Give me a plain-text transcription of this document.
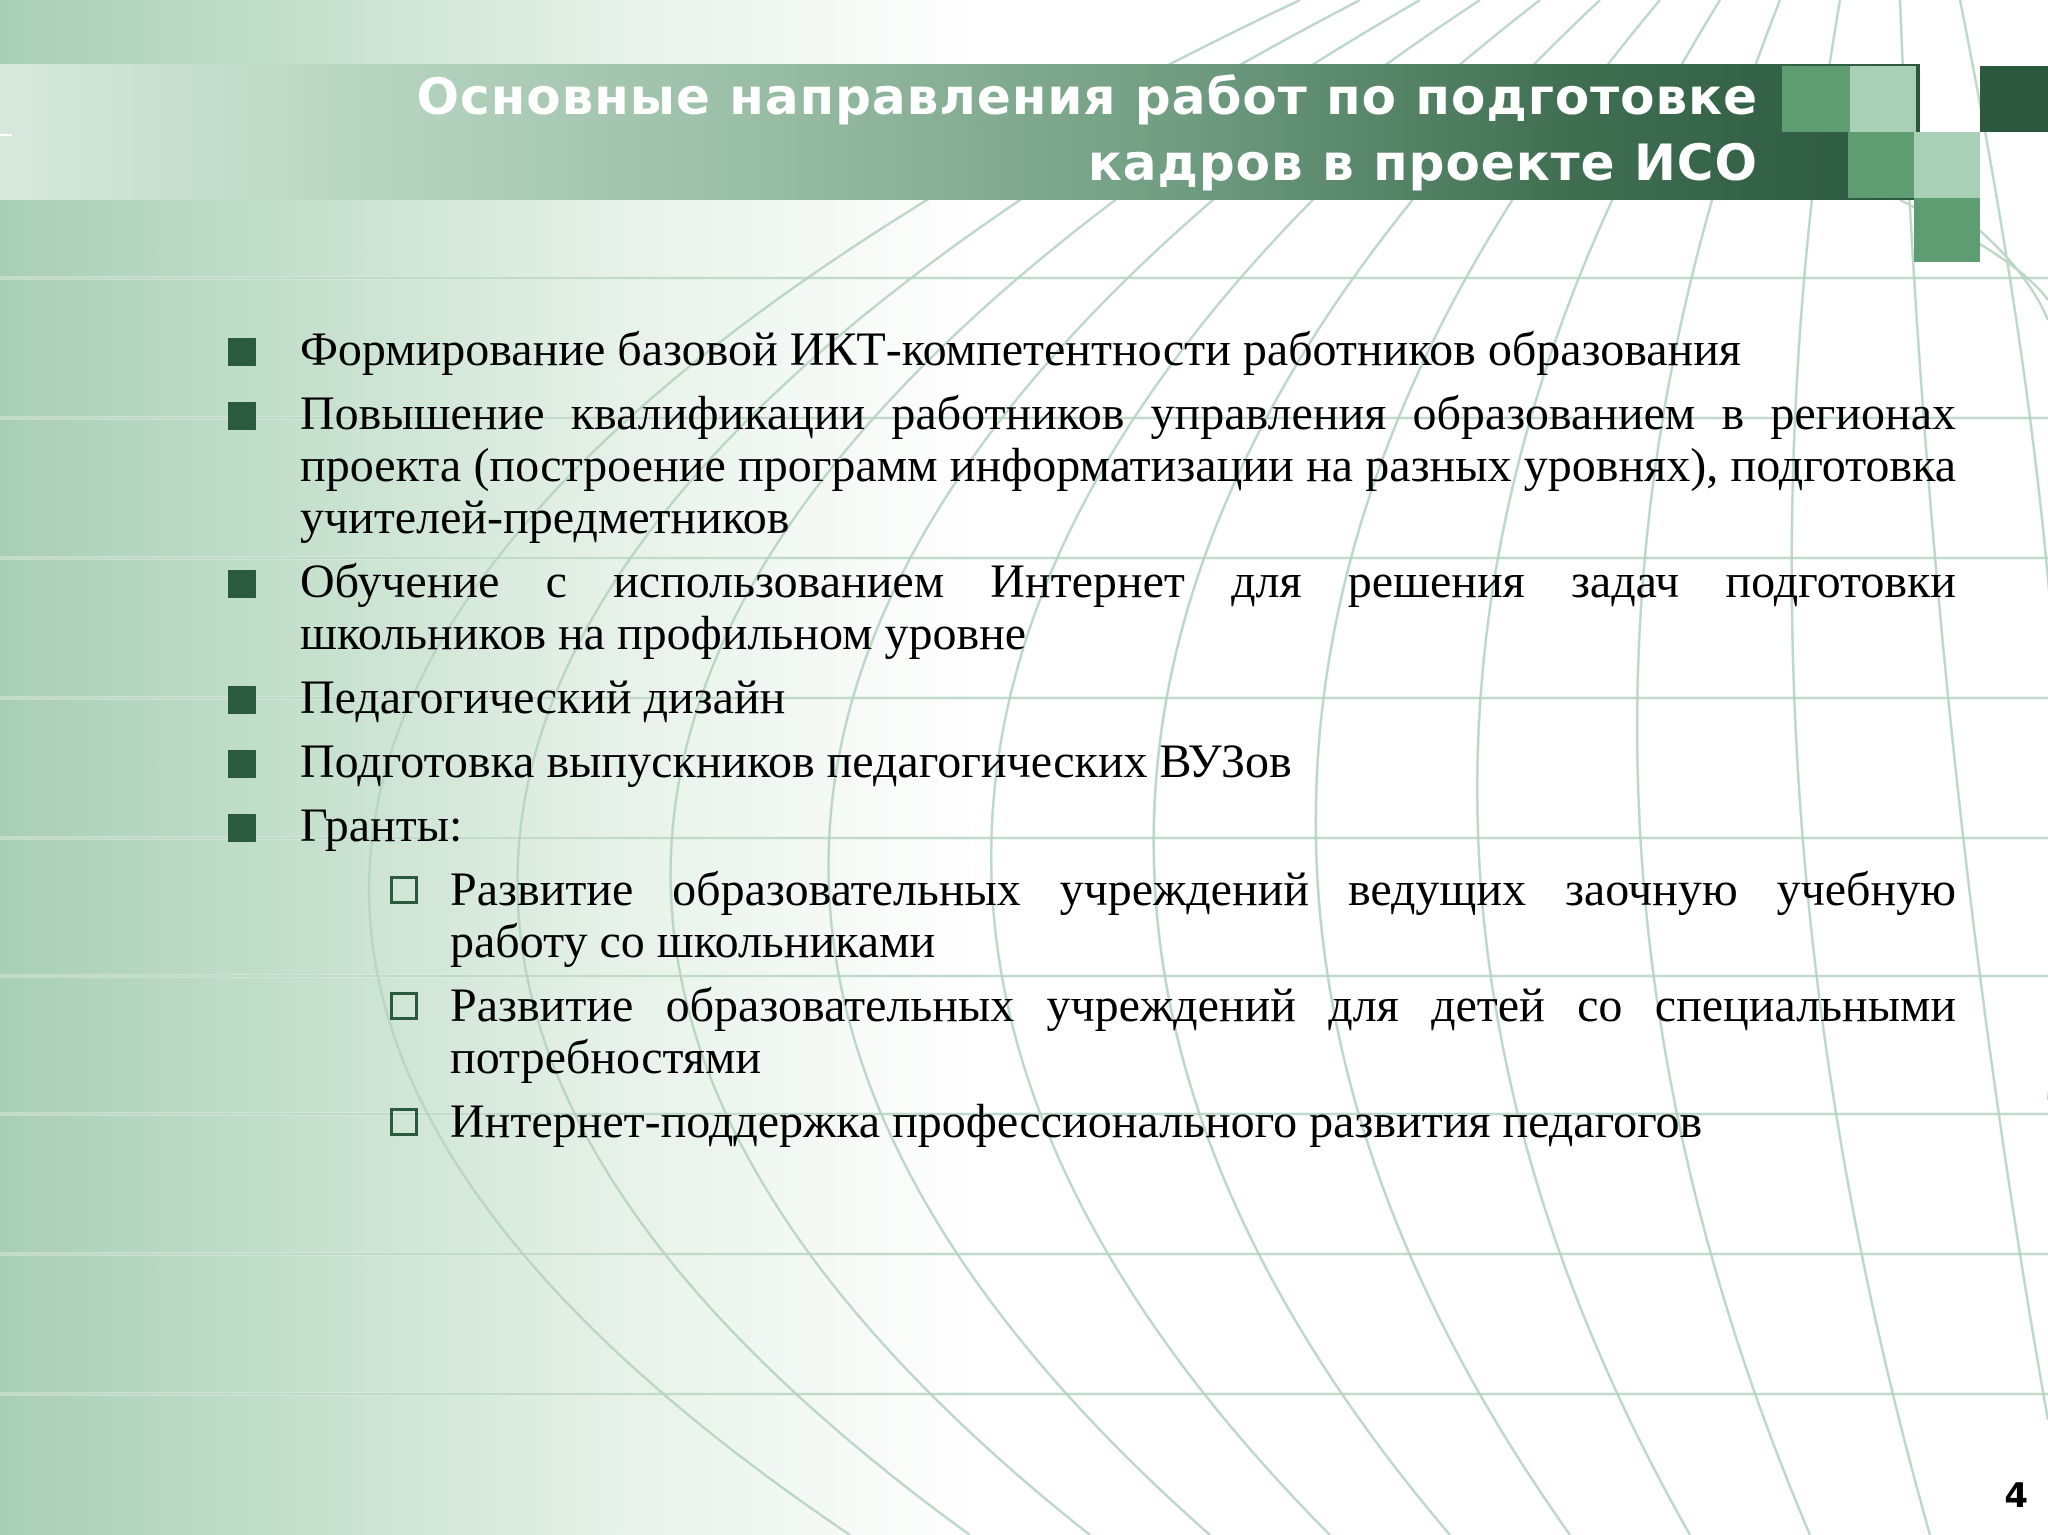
Основные направления работ по подготовке
кадров в проекте ИСО
Формирование базовой ИКТ-компетентности работников образования
Повышение квалификации работников управления образованием в регионах проекта (построение программ информатизации на разных уровнях), подготовка учителей-предметников
Обучение с использованием Интернет для решения задач подготовки школьников на профильном уровне
Педагогический дизайн
Подготовка выпускников педагогических ВУЗов
Гранты:
Развитие образовательных учреждений ведущих заочную учебную работу со школьниками
Развитие образовательных учреждений для детей со специальными потребностями
Интернет-поддержка профессионального развития педагогов
4
